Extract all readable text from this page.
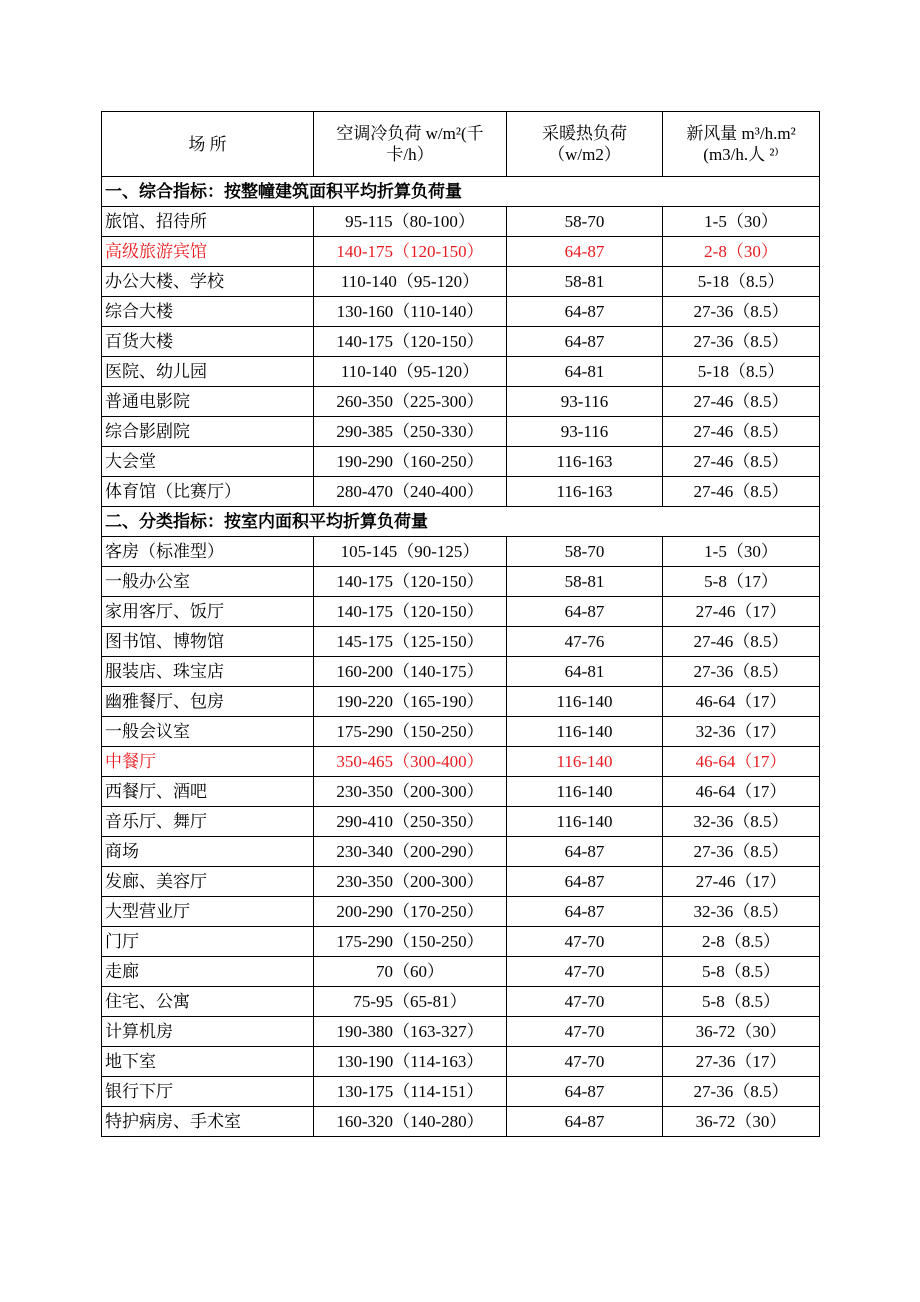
场 所	空调冷负荷 w/m²(千卡/h）	采暖热负荷（w/m2）	新风量 m³/h.m² (m3/h.人 ²⁾
一、综合指标：按整幢建筑面积平均折算负荷量			
旅馆、招待所	95-115（80-100）	58-70	1-5（30）
高级旅游宾馆	140-175（120-150）	64-87	2-8（30）
办公大楼、学校	110-140（95-120）	58-81	5-18（8.5）
综合大楼	130-160（110-140）	64-87	27-36（8.5）
百货大楼	140-175（120-150）	64-87	27-36（8.5）
医院、幼儿园	110-140（95-120）	64-81	5-18（8.5）
普通电影院	260-350（225-300）	93-116	27-46（8.5）
综合影剧院	290-385（250-330）	93-116	27-46（8.5）
大会堂	190-290（160-250）	116-163	27-46（8.5）
体育馆（比赛厅）	280-470（240-400）	116-163	27-46（8.5）
二、分类指标：按室内面积平均折算负荷量			
客房（标准型）	105-145（90-125）	58-70	1-5（30）
一般办公室	140-175（120-150）	58-81	5-8（17）
家用客厅、饭厅	140-175（120-150）	64-87	27-46（17）
图书馆、博物馆	145-175（125-150）	47-76	27-46（8.5）
服装店、珠宝店	160-200（140-175）	64-81	27-36（8.5）
幽雅餐厅、包房	190-220（165-190）	116-140	46-64（17）
一般会议室	175-290（150-250）	116-140	32-36（17）
中餐厅	350-465（300-400）	116-140	46-64（17）
西餐厅、酒吧	230-350（200-300）	116-140	46-64（17）
音乐厅、舞厅	290-410（250-350）	116-140	32-36（8.5）
商场	230-340（200-290）	64-87	27-36（8.5）
发廊、美容厅	230-350（200-300）	64-87	27-46（17）
大型营业厅	200-290（170-250）	64-87	32-36（8.5）
门厅	175-290（150-250）	47-70	2-8（8.5）
走廊	70（60）	47-70	5-8（8.5）
住宅、公寓	75-95（65-81）	47-70	5-8（8.5）
计算机房	190-380（163-327）	47-70	36-72（30）
地下室	130-190（114-163）	47-70	27-36（17）
银行下厅	130-175（114-151）	64-87	27-36（8.5）
特护病房、手术室	160-320（140-280）	64-87	36-72（30）
